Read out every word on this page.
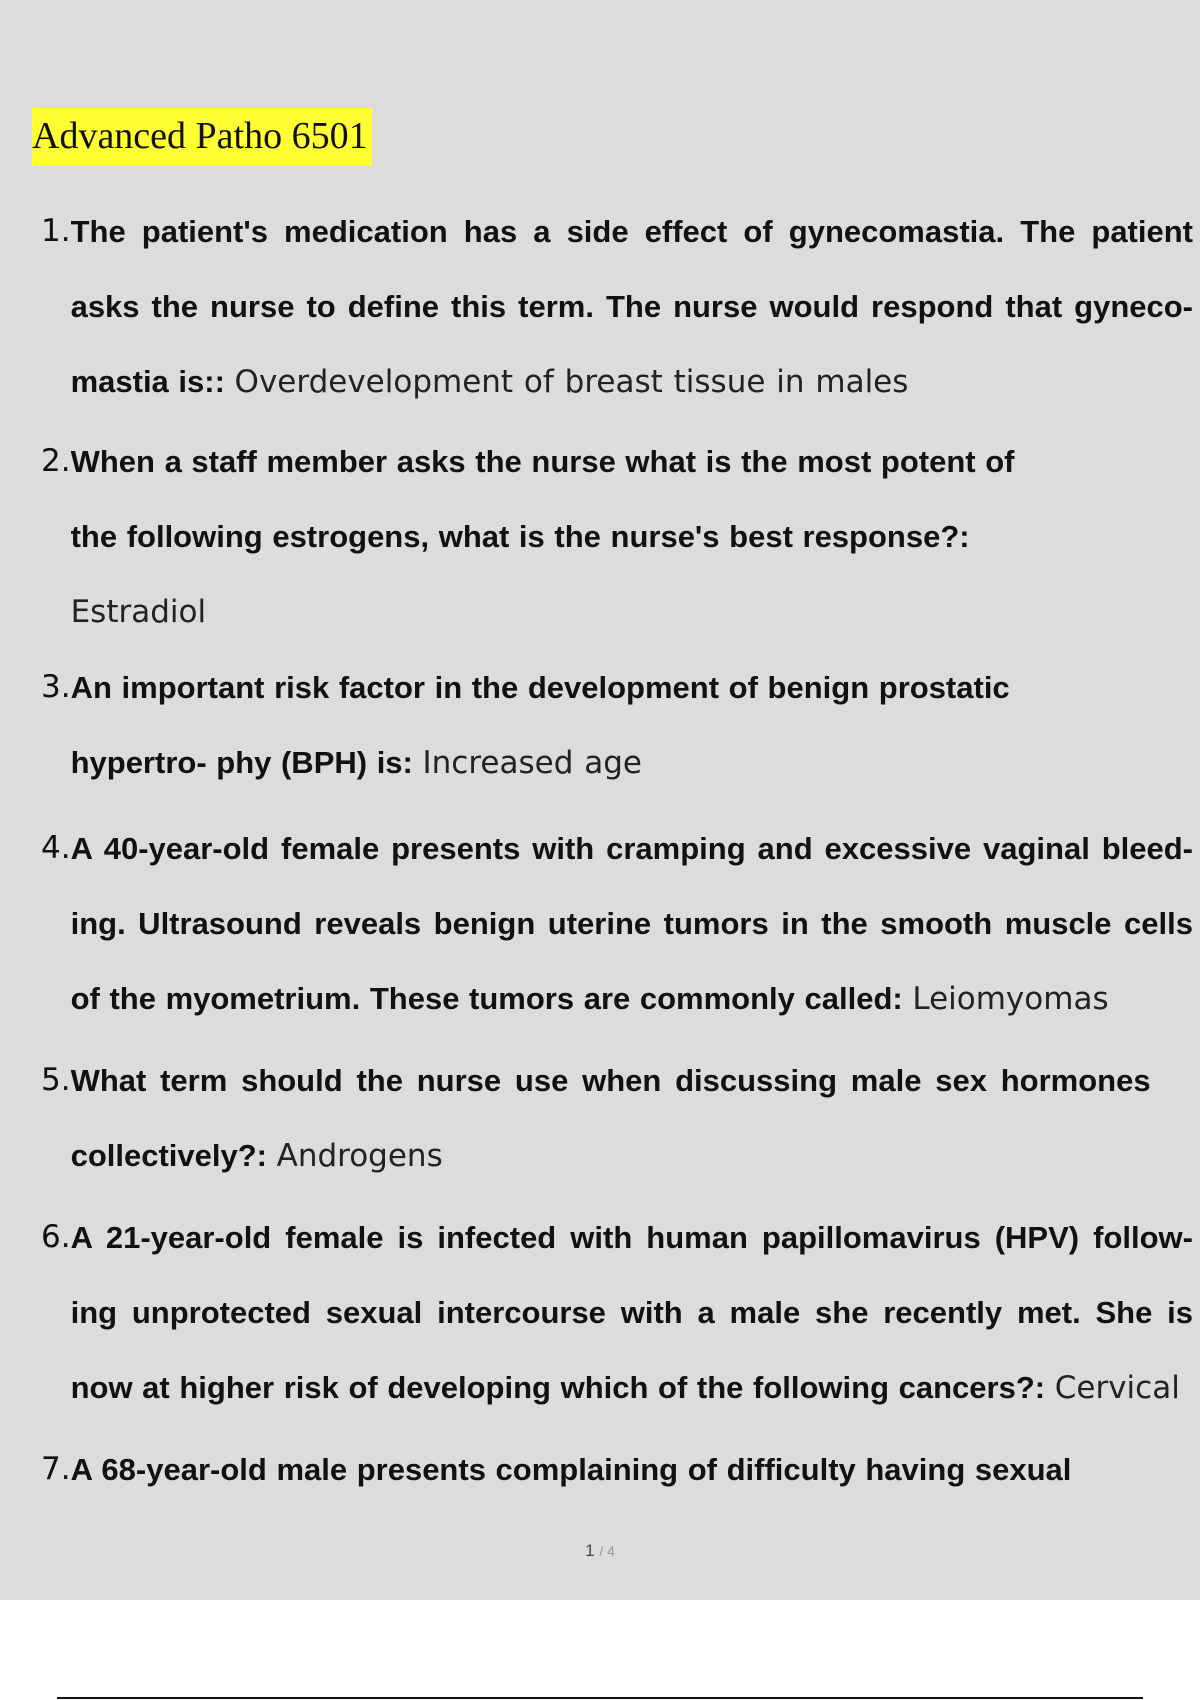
Advanced Patho 6501
1. The patient's medication has a side effect of gynecomastia. The patient asks the nurse to define this term. The nurse would respond that gyneco- mastia is:: Overdevelopment of breast tissue in males
2. When a staff member asks the nurse what is the most potent of the following estrogens, what is the nurse's best response?:
Estradiol
3. An important risk factor in the development of benign prostatic hypertro- phy (BPH) is: Increased age
4. A 40-year-old female presents with cramping and excessive vaginal bleed- ing. Ultrasound reveals benign uterine tumors in the smooth muscle cells of the myometrium. These tumors are commonly called: Leiomyomas
5. What term should the nurse use when discussing male sex hormones collectively?: Androgens
6. A 21-year-old female is infected with human papillomavirus (HPV) follow- ing unprotected sexual intercourse with a male she recently met. She is now at higher risk of developing which of the following cancers?: Cervical
7. A 68-year-old male presents complaining of difficulty having sexual
1 / 4
